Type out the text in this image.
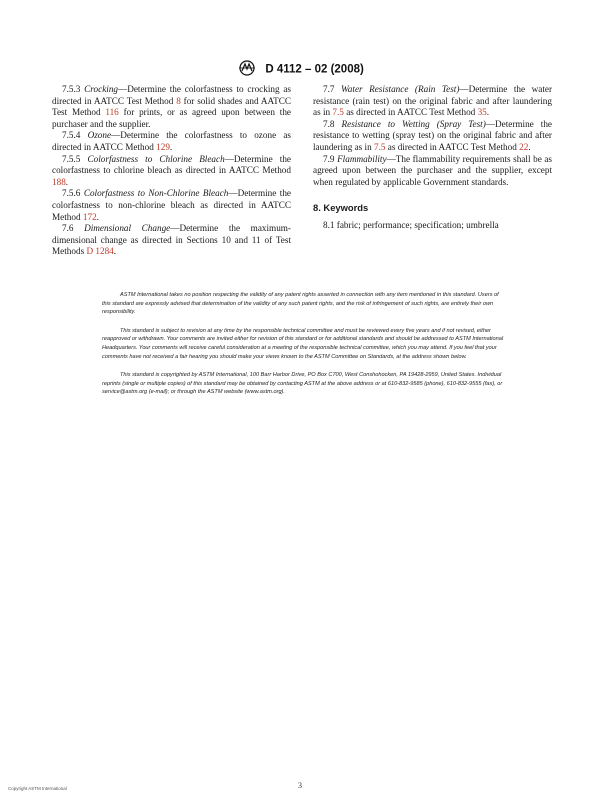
D 4112 – 02 (2008)

7.5.3 Crocking—Determine the colorfastness to crocking as directed in AATCC Test Method 8 for solid shades and AATCC Test Method 116 for prints, or as agreed upon between the purchaser and the supplier.

7.5.4 Ozone—Determine the colorfastness to ozone as directed in AATCC Method 129.

7.5.5 Colorfastness to Chlorine Bleach—Determine the colorfastness to chlorine bleach as directed in AATCC Method 188.

7.5.6 Colorfastness to Non-Chlorine Bleach—Determine the colorfastness to non-chlorine bleach as directed in AATCC Method 172.

7.6 Dimensional Change—Determine the maximum-dimensional change as directed in Sections 10 and 11 of Test Methods D 1284.

7.7 Water Resistance (Rain Test)—Determine the water resistance (rain test) on the original fabric and after laundering as in 7.5 as directed in AATCC Test Method 35.

7.8 Resistance to Wetting (Spray Test)—Determine the resistance to wetting (spray test) on the original fabric and after laundering as in 7.5 as directed in AATCC Test Method 22.

7.9 Flammability—The flammability requirements shall be as agreed upon between the purchaser and the supplier, except when regulated by applicable Government standards.

8. Keywords

8.1 fabric; performance; specification; umbrella

ASTM International takes no position respecting the validity of any patent rights asserted in connection with any item mentioned in this standard. Users of this standard are expressly advised that determination of the validity of any such patent rights, and the risk of infringement of such rights, are entirely their own responsibility.

This standard is subject to revision at any time by the responsible technical committee and must be reviewed every five years and if not revised, either reapproved or withdrawn. Your comments are invited either for revision of this standard or for additional standards and should be addressed to ASTM International Headquarters. Your comments will receive careful consideration at a meeting of the responsible technical committee, which you may attend. If you feel that your comments have not received a fair hearing you should make your views known to the ASTM Committee on Standards, at the address shown below.

This standard is copyrighted by ASTM International, 100 Barr Harbor Drive, PO Box C700, West Conshohocken, PA 19428-2959, United States. Individual reprints (single or multiple copies) of this standard may be obtained by contacting ASTM at the above address or at 610-832-9585 (phone), 610-832-9555 (fax), or service@astm.org (e-mail); or through the ASTM website (www.astm.org).

Copyright ASTM International	3
